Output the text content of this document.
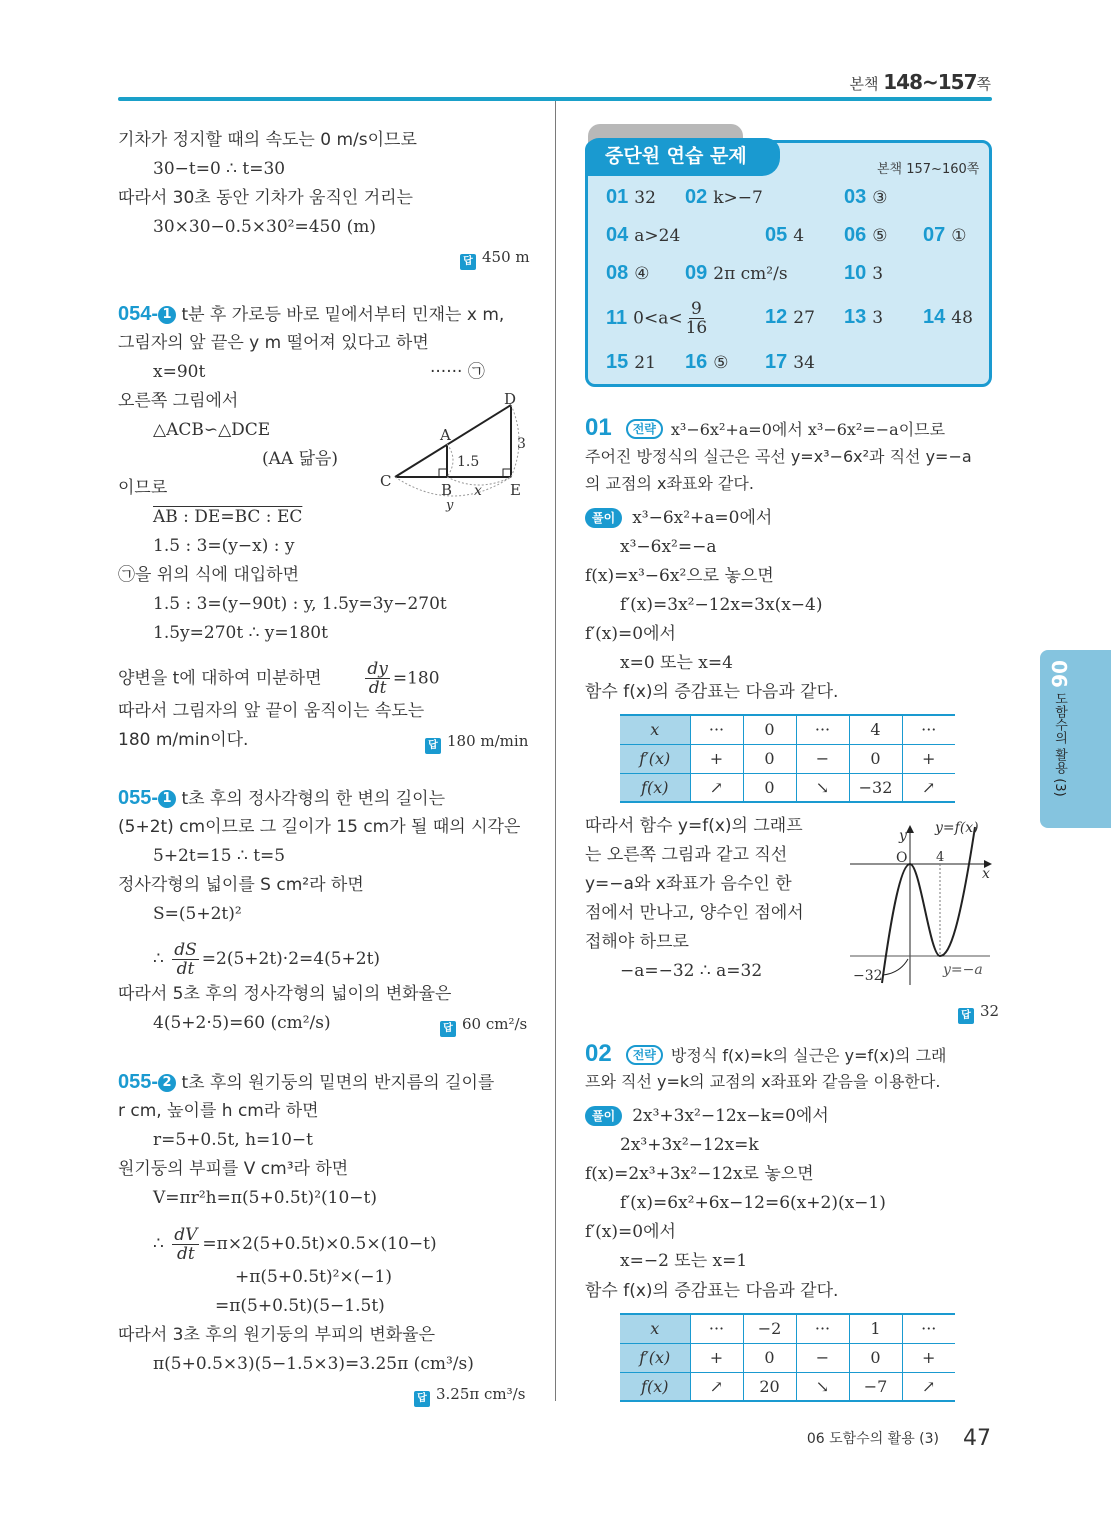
본책 148~157쪽
기차가 정지할 때의 속도는 0 m/s이므로
30−t=0 ∴ t=30
따라서 30초 동안 기차가 움직인 거리는
30×30−0.5×30²=450 (m)
답 450 m
054- 1 t분 후 가로등 바로 밑에서부터 민재는 x m,
그림자의 앞 끝은 y m 떨어져 있다고 하면
x=90t	······ ㉠
오른쪽 그림에서
△ACB∽△DCE
(AA 닮음)
이므로
AB : DE=BC : EC
1.5 : 3=(y−x) : y
㉠을 위의 식에 대입하면
1.5 : 3=(y−90t) : y, 1.5y=3y−270t
1.5y=270t ∴ y=180t
양변을 t에 대하여 미분하면	$\frac{dy}{dt} =180$
따라서 그림자의 앞 끝이 움직이는 속도는
180 m/min이다.	답 180 m/min
A
B
C
D
E
1.5
3
x
y
055- 1 t초 후의 정사각형의 한 변의 길이는
(5+2t) cm이므로 그 길이가 15 cm가 될 때의 시각은
5+2t=15 ∴ t=5
정사각형의 넓이를 S cm²라 하면
S=(5+2t)²
∴ $\frac{dS}{dt} =2(5+2t)\cdot 2=4(5+2t)$
따라서 5초 후의 정사각형의 넓이의 변화율은
4(5+2·5)=60 (cm²/s)	답 60 cm²/s
055- 2 t초 후의 원기둥의 밑면의 반지름의 길이를
r cm, 높이를 h cm라 하면
r=5+0.5t, h=10−t
원기둥의 부피를 V cm³라 하면
V=πr²h=π(5+0.5t)²(10−t)
∴ $\frac{dV}{dt} =\pi\times 2(5+0.5t)\times 0.5\times(10-t)$
+π(5+0.5t)²×(−1)
=π(5+0.5t)(5−1.5t)
따라서 3초 후의 원기둥의 부피의 변화율은
π(5+0.5×3)(5−1.5×3)=3.25π (cm³/s)
답 3.25π cm³/s
중단원 연습 문제
본책 157~160쪽
01 32 02 k>−7	03 ③
04 a>24	05 4 06 ⑤ 07 ①
08 ④ 09 2π cm²/s	10 3
11 $0<a< \frac{9}{16}$	12 27 13 3 14 48
15 21 16 ⑤ 17 34
01 전략 x³−6x²+a=0에서 x³−6x²=−a이므로
주어진 방정식의 실근은 곡선 y=x³−6x²과 직선 y=−a
의 교점의 x좌표와 같다.
풀이 x³−6x²+a=0에서
x³−6x²=−a
f(x)=x³−6x²으로 놓으면
f′(x)=3x²−12x=3x(x−4)
f′(x)=0에서
x=0 또는 x=4
함수 f(x)의 증감표는 다음과 같다.
x	···	0	···	4	···
f′(x)	+	0	−	0	+
f(x)	↗	0	↘	−32	↗
따라서 함수 y=f(x)의 그래프
는 오른쪽 그림과 같고 직선
y=−a와 x좌표가 음수인 한
점에서 만나고, 양수인 점에서
접해야 하므로
−a=−32 ∴ a=32
y y=f(x)
O 4
x
y=−a
−32
답 32
02 전략 방정식 f(x)=k의 실근은 y=f(x)의 그래
프와 직선 y=k의 교점의 x좌표와 같음을 이용한다.
풀이 2x³+3x²−12x−k=0에서
2x³+3x²−12x=k
f(x)=2x³+3x²−12x로 놓으면
f′(x)=6x²+6x−12=6(x+2)(x−1)
f′(x)=0에서
x=−2 또는 x=1
함수 f(x)의 증감표는 다음과 같다.
x	···	−2	···	1	···
f′(x)	+	0	−	0	+
f(x)	↗	20	↘	−7	↗
06 도함수의 활용 (3)
06 도함수의 활용 (3) 47
